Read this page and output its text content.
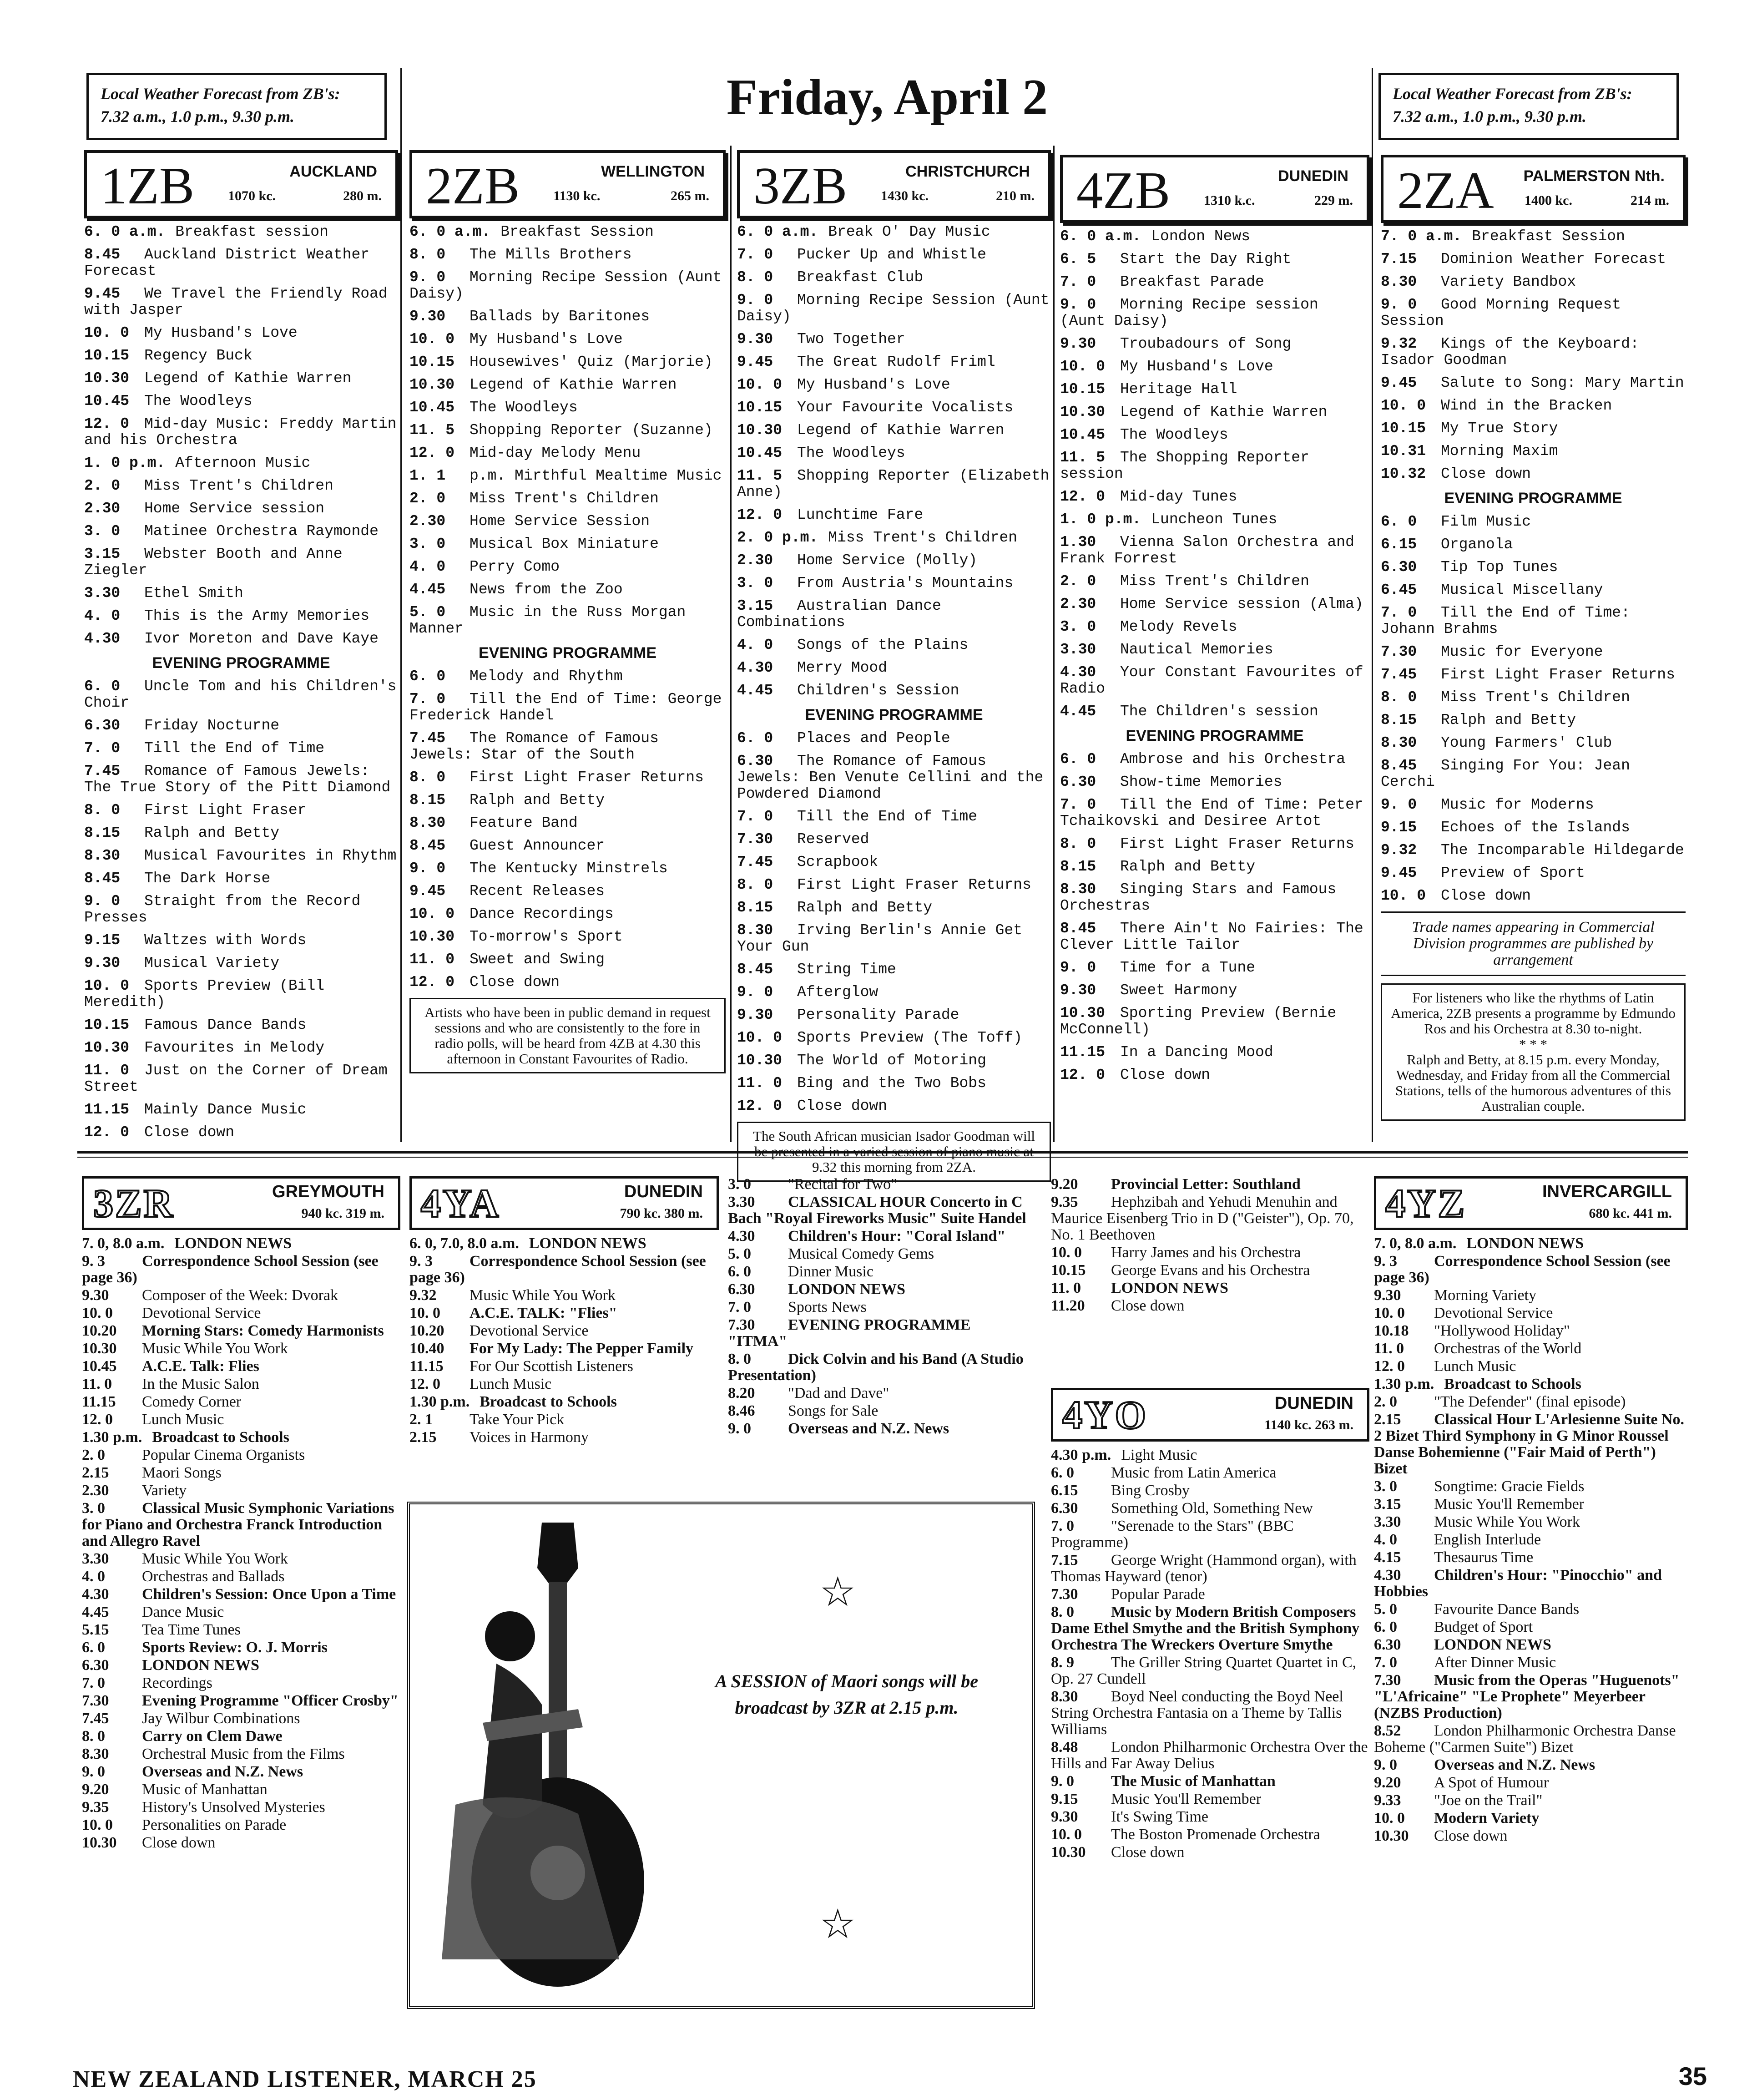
Local Weather Forecast from ZB's:
7.32 a.m., 1.0 p.m., 9.30 p.m.	Friday, April 2	Local Weather Forecast from ZB's:
7.32 a.m., 1.0 p.m., 9.30 p.m.
1ZB	AUCKLAND
1070 kc.	280 m.
6. 0 a.m. Breakfast session
8.45 Auckland District Weather Forecast
9.45 We Travel the Friendly Road with Jasper
10. 0 My Husband's Love
10.15 Regency Buck
10.30 Legend of Kathie Warren
10.45 The Woodleys
12. 0 Mid-day Music: Freddy Martin and his Orchestra
1. 0 p.m. Afternoon Music
2. 0 Miss Trent's Children
2.30 Home Service session
3. 0 Matinee Orchestra Raymonde
3.15 Webster Booth and Anne Ziegler
3.30 Ethel Smith
4. 0 This is the Army Memories
4.30 Ivor Moreton and Dave Kaye
EVENING PROGRAMME
6. 0 Uncle Tom and his Children's Choir
6.30 Friday Nocturne
7. 0 Till the End of Time
7.45 Romance of Famous Jewels: The True Story of the Pitt Diamond
8. 0 First Light Fraser
8.15 Ralph and Betty
8.30 Musical Favourites in Rhythm
8.45 The Dark Horse
9. 0 Straight from the Record Presses
9.15 Waltzes with Words
9.30 Musical Variety
10. 0 Sports Preview (Bill Meredith)
10.15 Famous Dance Bands
10.30 Favourites in Melody
11. 0 Just on the Corner of Dream Street
11.15 Mainly Dance Music
12. 0 Close down
2ZB	WELLINGTON
1130 kc.	265 m.
6. 0 a.m. Breakfast Session
8. 0 The Mills Brothers
9. 0 Morning Recipe Session (Aunt Daisy)
9.30 Ballads by Baritones
10. 0 My Husband's Love
10.15 Housewives' Quiz (Marjorie)
10.30 Legend of Kathie Warren
10.45 The Woodleys
11. 5 Shopping Reporter (Suzanne)
12. 0 Mid-day Melody Menu
1. 1 p.m. Mirthful Mealtime Music
2. 0 Miss Trent's Children
2.30 Home Service Session
3. 0 Musical Box Miniature
4. 0 Perry Como
4.45 News from the Zoo
5. 0 Music in the Russ Morgan Manner
EVENING PROGRAMME
6. 0 Melody and Rhythm
7. 0 Till the End of Time: George Frederick Handel
7.45 The Romance of Famous Jewels: Star of the South
8. 0 First Light Fraser Returns
8.15 Ralph and Betty
8.30 Feature Band
8.45 Guest Announcer
9. 0 The Kentucky Minstrels
9.45 Recent Releases
10. 0 Dance Recordings
10.30 To-morrow's Sport
11. 0 Sweet and Swing
12. 0 Close down
Artists who have been in public demand in request sessions and who are consistently to the fore in radio polls, will be heard from 4ZB at 4.30 this afternoon in Constant Favourites of Radio.
3ZB	CHRISTCHURCH
1430 kc.	210 m.
6. 0 a.m. Break O' Day Music
7. 0 Pucker Up and Whistle
8. 0 Breakfast Club
9. 0 Morning Recipe Session (Aunt Daisy)
9.30 Two Together
9.45 The Great Rudolf Friml
10. 0 My Husband's Love
10.15 Your Favourite Vocalists
10.30 Legend of Kathie Warren
10.45 The Woodleys
11. 5 Shopping Reporter (Elizabeth Anne)
12. 0 Lunchtime Fare
2. 0 p.m. Miss Trent's Children
2.30 Home Service (Molly)
3. 0 From Austria's Mountains
3.15 Australian Dance Combinations
4. 0 Songs of the Plains
4.30 Merry Mood
4.45 Children's Session
EVENING PROGRAMME
6. 0 Places and People
6.30 The Romance of Famous Jewels: Ben Venute Cellini and the Powdered Diamond
7. 0 Till the End of Time
7.30 Reserved
7.45 Scrapbook
8. 0 First Light Fraser Returns
8.15 Ralph and Betty
8.30 Irving Berlin's Annie Get Your Gun
8.45 String Time
9. 0 Afterglow
9.30 Personality Parade
10. 0 Sports Preview (The Toff)
10.30 The World of Motoring
11. 0 Bing and the Two Bobs
12. 0 Close down
The South African musician Isador Goodman will be presented in a varied session of piano music at 9.32 this morning from 2ZA.
4ZB	DUNEDIN
1310 k.c.	229 m.
6. 0 a.m. London News
6. 5 Start the Day Right
7. 0 Breakfast Parade
9. 0 Morning Recipe session (Aunt Daisy)
9.30 Troubadours of Song
10. 0 My Husband's Love
10.15 Heritage Hall
10.30 Legend of Kathie Warren
10.45 The Woodleys
11. 5 The Shopping Reporter session
12. 0 Mid-day Tunes
1. 0 p.m. Luncheon Tunes
1.30 Vienna Salon Orchestra and Frank Forrest
2. 0 Miss Trent's Children
2.30 Home Service session (Alma)
3. 0 Melody Revels
3.30 Nautical Memories
4.30 Your Constant Favourites of Radio
4.45 The Children's session
EVENING PROGRAMME
6. 0 Ambrose and his Orchestra
6.30 Show-time Memories
7. 0 Till the End of Time: Peter Tchaikovski and Desiree Artot
8. 0 First Light Fraser Returns
8.15 Ralph and Betty
8.30 Singing Stars and Famous Orchestras
8.45 There Ain't No Fairies: The Clever Little Tailor
9. 0 Time for a Tune
9.30 Sweet Harmony
10.30 Sporting Preview (Bernie McConnell)
11.15 In a Dancing Mood
12. 0 Close down
2ZA PALMERSTON Nth.
1400 kc.	214 m.
7. 0 a.m. Breakfast Session
7.15 Dominion Weather Forecast
8.30 Variety Bandbox
9. 0 Good Morning Request Session
9.32 Kings of the Keyboard: Isador Goodman
9.45 Salute to Song: Mary Martin
10. 0 Wind in the Bracken
10.15 My True Story
10.31 Morning Maxim
10.32 Close down
EVENING PROGRAMME
6. 0 Film Music
6.15 Organola
6.30 Tip Top Tunes
6.45 Musical Miscellany
7. 0 Till the End of Time: Johann Brahms
7.30 Music for Everyone
7.45 First Light Fraser Returns
8. 0 Miss Trent's Children
8.15 Ralph and Betty
8.30 Young Farmers' Club
8.45 Singing For You: Jean Cerchi
9. 0 Music for Moderns
9.15 Echoes of the Islands
9.32 The Incomparable Hildegarde
9.45 Preview of Sport
10. 0 Close down
Trade names appearing in Commercial Division programmes are published by arrangement
For listeners who like the rhythms of Latin America, 2ZB presents a programme by Edmundo Ros and his Orchestra at 8.30 to-night.
* * *
Ralph and Betty, at 8.15 p.m. every Monday, Wednesday, and Friday from all the Commercial Stations, tells of the humorous adventures of this Australian couple.
3ZR	GREYMOUTH
940 kc. 319 m.
7. 0, 8.0 a.m. LONDON NEWS
9. 3 Correspondence School Session (see page 36)
9.30 Composer of the Week: Dvorak
10. 0 Devotional Service
10.20 Morning Stars: Comedy Harmonists
10.30 Music While You Work
10.45 A.C.E. Talk: Flies
11. 0 In the Music Salon
11.15 Comedy Corner
12. 0 Lunch Music
1.30 p.m. Broadcast to Schools
2. 0 Popular Cinema Organists
2.15 Maori Songs
2.30 Variety
3. 0 Classical Music Symphonic Variations for Piano and Orchestra Franck Introduction and Allegro Ravel
3.30 Music While You Work
4. 0 Orchestras and Ballads
4.30 Children's Session: Once Upon a Time
4.45 Dance Music
5.15 Tea Time Tunes
6. 0 Sports Review: O. J. Morris
6.30 LONDON NEWS
7. 0 Recordings
7.30 Evening Programme "Officer Crosby"
7.45 Jay Wilbur Combinations
8. 0 Carry on Clem Dawe
8.30 Orchestral Music from the Films
9. 0 Overseas and N.Z. News
9.20 Music of Manhattan
9.35 History's Unsolved Mysteries
10. 0 Personalities on Parade
10.30 Close down
4YA	DUNEDIN
790 kc. 380 m.
6. 0, 7.0, 8.0 a.m. LONDON NEWS
9. 3 Correspondence School Session (see page 36)
9.32 Music While You Work
10. 0 A.C.E. TALK: "Flies"
10.20 Devotional Service
10.40 For My Lady: The Pepper Family
11.15 For Our Scottish Listeners
12. 0 Lunch Music
1.30 p.m. Broadcast to Schools
2. 1 Take Your Pick
2.15 Voices in Harmony
3. 0 "Recital for Two"
3.30 CLASSICAL HOUR Concerto in C Bach "Royal Fireworks Music" Suite Handel
4.30 Children's Hour: "Coral Island"
5. 0 Musical Comedy Gems
6. 0 Dinner Music
6.30 LONDON NEWS
7. 0 Sports News
7.30 EVENING PROGRAMME "ITMA"
8. 0 Dick Colvin and his Band (A Studio Presentation)
8.20 "Dad and Dave"
8.46 Songs for Sale
9. 0 Overseas and N.Z. News
9.20 Provincial Letter: Southland
9.35 Hephzibah and Yehudi Menuhin and Maurice Eisenberg Trio in D ("Geister"), Op. 70, No. 1 Beethoven
10. 0 Harry James and his Orchestra
10.15 George Evans and his Orchestra
11. 0 LONDON NEWS
11.20 Close down
4YO	DUNEDIN
1140 kc. 263 m.
4.30 p.m. Light Music
6. 0 Music from Latin America
6.15 Bing Crosby
6.30 Something Old, Something New
7. 0 "Serenade to the Stars" (BBC Programme)
7.15 George Wright (Hammond organ), with Thomas Hayward (tenor)
7.30 Popular Parade
8. 0 Music by Modern British Composers Dame Ethel Smythe and the British Symphony Orchestra The Wreckers Overture Smythe
8. 9 The Griller String Quartet Quartet in C, Op. 27 Cundell
8.30 Boyd Neel conducting the Boyd Neel String Orchestra Fantasia on a Theme by Tallis Williams
8.48 London Philharmonic Orchestra Over the Hills and Far Away Delius
9. 0 The Music of Manhattan
9.15 Music You'll Remember
9.30 It's Swing Time
10. 0 The Boston Promenade Orchestra
10.30 Close down
4YZ	INVERCARGILL
680 kc. 441 m.
7. 0, 8.0 a.m. LONDON NEWS
9. 3 Correspondence School Session (see page 36)
9.30 Morning Variety
10. 0 Devotional Service
10.18 "Hollywood Holiday"
11. 0 Orchestras of the World
12. 0 Lunch Music
1.30 p.m. Broadcast to Schools
2. 0 "The Defender" (final episode)
2.15 Classical Hour L'Arlesienne Suite No. 2 Bizet Third Symphony in G Minor Roussel Danse Bohemienne ("Fair Maid of Perth") Bizet
3. 0 Songtime: Gracie Fields
3.15 Music You'll Remember
3.30 Music While You Work
4. 0 English Interlude
4.15 Thesaurus Time
4.30 Children's Hour: "Pinocchio" and Hobbies
5. 0 Favourite Dance Bands
6. 0 Budget of Sport
6.30 LONDON NEWS
7. 0 After Dinner Music
7.30 Music from the Operas "Huguenots" "L'Africaine" "Le Prophete" Meyerbeer (NZBS Production)
8.52 London Philharmonic Orchestra Danse Boheme ("Carmen Suite") Bizet
9. 0 Overseas and N.Z. News
9.20 A Spot of Humour
9.33 "Joe on the Trail"
10. 0 Modern Variety
10.30 Close down
☆
A SESSION of Maori songs will be broadcast by 3ZR at 2.15 p.m.
☆
NEW ZEALAND LISTENER, MARCH 25	35
